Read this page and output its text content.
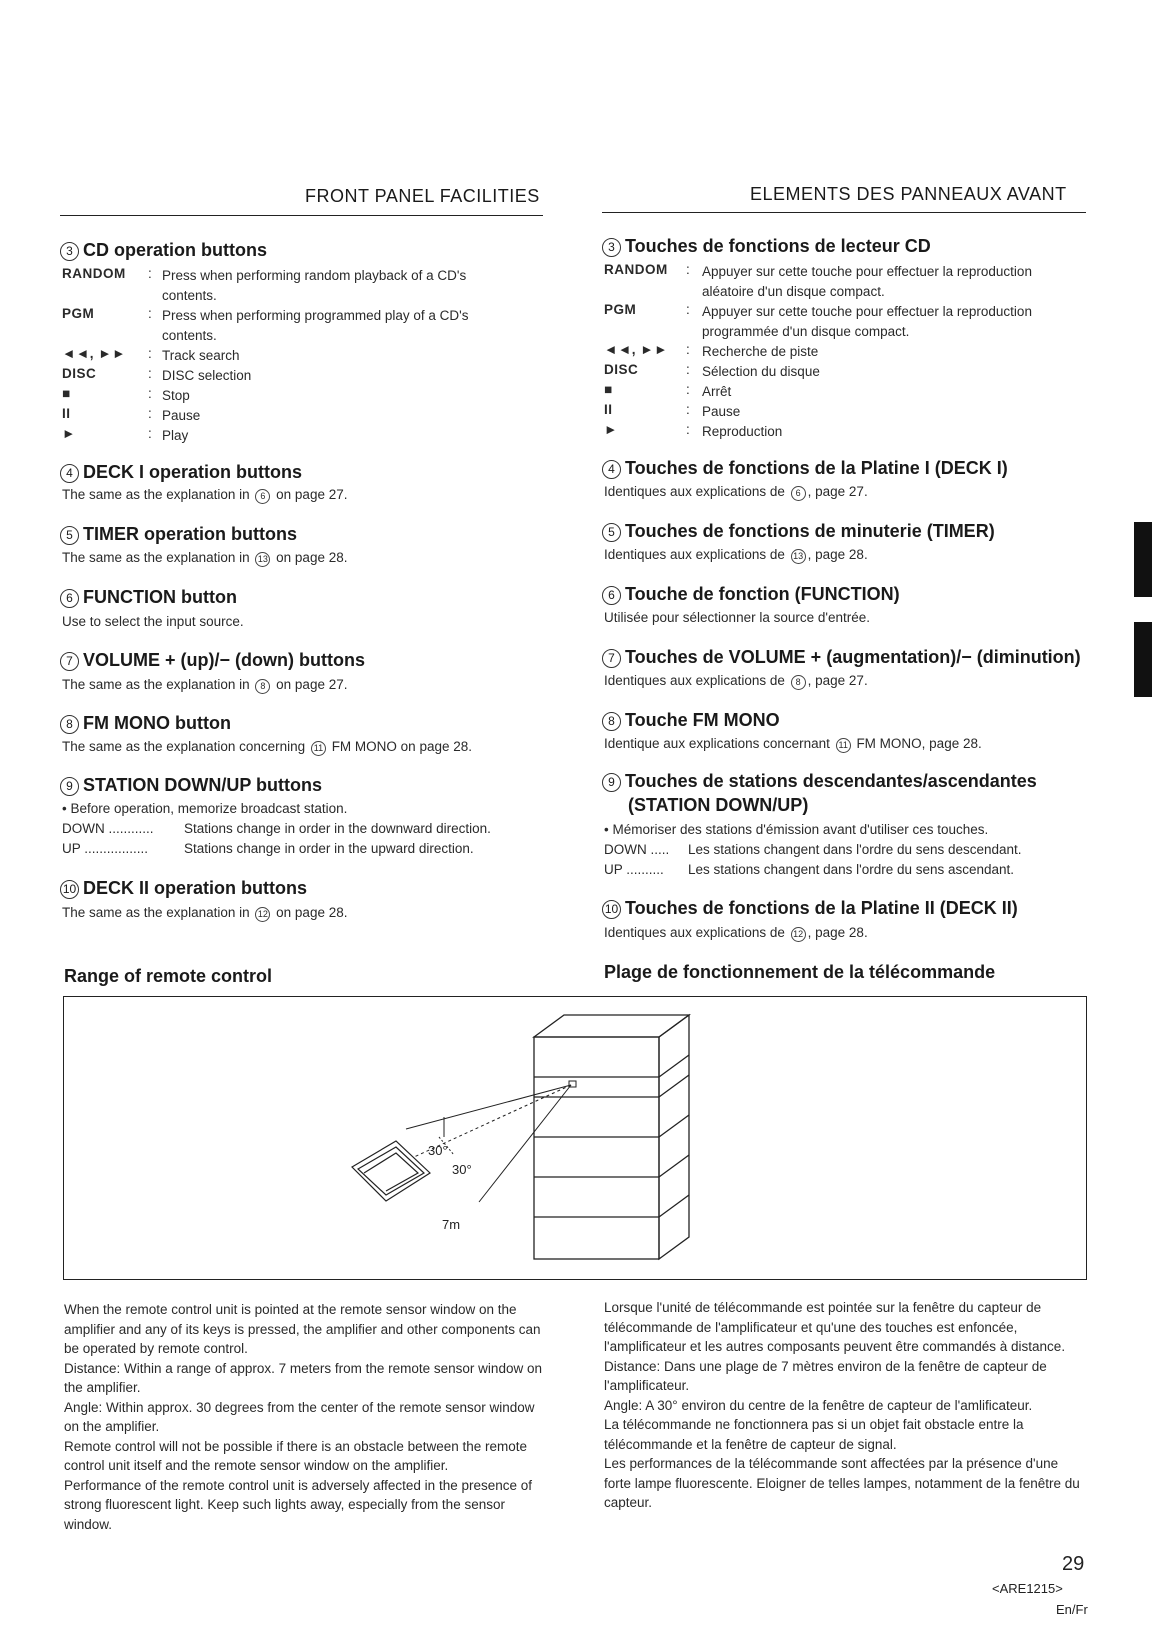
FRONT PANEL FACILITIES
3 CD operation buttons
RANDOM : Press when performing random playback of a CD's
contents.
PGM	: Press when performing programmed play of a CD's
contents.
◄◄, ►► : Track search
DISC	: DISC selection
■	: Stop
II	: Pause
►	: Play
4 DECK I operation buttons
The same as the explanation in 6 on page 27.
5 TIMER operation buttons
The same as the explanation in 13 on page 28.
6 FUNCTION button
Use to select the input source.
7 VOLUME + (up)/− (down) buttons
The same as the explanation in 8 on page 27.
8 FM MONO button
The same as the explanation concerning 11 FM MONO on page 28.
9 STATION DOWN/UP buttons
• Before operation, memorize broadcast station.
DOWN ............ Stations change in order in the downward direction.
UP .................	Stations change in order in the upward direction.
10 DECK II operation buttons
The same as the explanation in 12 on page 28.
Range of remote control
ELEMENTS DES PANNEAUX AVANT
3 Touches de fonctions de lecteur CD
RANDOM : Appuyer sur cette touche pour effectuer la reproduction
aléatoire d'un disque compact.
PGM	: Appuyer sur cette touche pour effectuer la reproduction
programmée d'un disque compact.
◄◄, ►► : Recherche de piste
DISC	: Sélection du disque
■	: Arrêt
II	: Pause
►	: Reproduction
4 Touches de fonctions de la Platine I (DECK I)
Identiques aux explications de 6 , page 27.
5 Touches de fonctions de minuterie (TIMER)
Identiques aux explications de 13 , page 28.
6 Touche de fonction (FUNCTION)
Utilisée pour sélectionner la source d'entrée.
7 Touches de VOLUME + (augmentation)/− (diminution)
Identiques aux explications de 8 , page 27.
8 Touche FM MONO
Identique aux explications concernant 11 FM MONO, page 28.
9 Touches de stations descendantes/ascendantes
(STATION DOWN/UP)
• Mémoriser des stations d'émission avant d'utiliser ces touches.
DOWN ..... Les stations changent dans l'ordre du sens descendant.
UP .......... Les stations changent dans l'ordre du sens ascendant.
10 Touches de fonctions de la Platine II (DECK II)
Identiques aux explications de 12 , page 28.
Plage de fonctionnement de la télécommande
30°
30°
7m

When the remote control unit is pointed at the remote sensor window on the amplifier and any of its keys is pressed, the amplifier and other components can be operated by remote control.

Distance: Within a range of approx. 7 meters from the remote sensor window on the amplifier.

Angle: Within approx. 30 degrees from the center of the remote sensor window on the amplifier.

Remote control will not be possible if there is an obstacle between the remote control unit itself and the remote sensor window on the amplifier.

Performance of the remote control unit is adversely affected in the presence of strong fluorescent light. Keep such lights away, especially from the sensor window.

Lorsque l'unité de télécommande est pointée sur la fenêtre du capteur de télécommande de l'amplificateur et qu'une des touches est enfoncée, l'amplificateur et les autres composants peuvent être commandés à distance.

Distance: Dans une plage de 7 mètres environ de la fenêtre de capteur de l'amplificateur.

Angle: A 30° environ du centre de la fenêtre de capteur de l'amlificateur.

La télécommande ne fonctionnera pas si un objet fait obstacle entre la télécommande et la fenêtre de capteur de signal.

Les performances de la télécommande sont affectées par la présence d'une forte lampe fluorescente. Eloigner de telles lampes, notamment de la fenêtre du capteur.

29
<ARE1215>
En/Fr
